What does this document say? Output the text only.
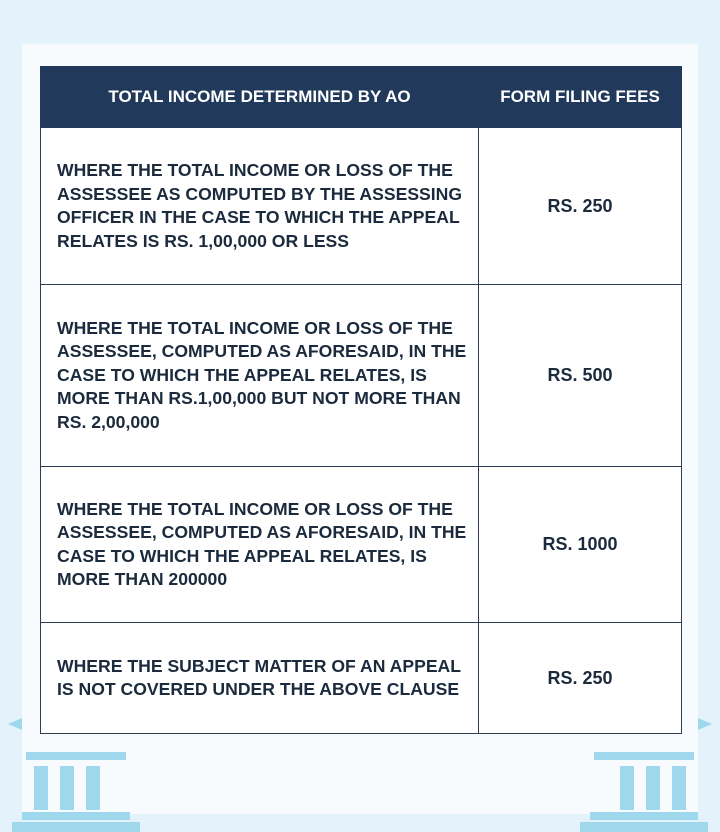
TOTAL INCOME DETERMINED BY AO	FORM FILING FEES
WHERE THE TOTAL INCOME OR LOSS OF THE ASSESSEE AS COMPUTED BY THE ASSESSING OFFICER IN THE CASE TO WHICH THE APPEAL RELATES IS RS. 1,00,000 OR LESS	RS. 250
WHERE THE TOTAL INCOME OR LOSS OF THE ASSESSEE, COMPUTED AS AFORESAID, IN THE CASE TO WHICH THE APPEAL RELATES, IS MORE THAN RS.1,00,000 BUT NOT MORE THAN RS. 2,00,000	RS. 500
WHERE THE TOTAL INCOME OR LOSS OF THE ASSESSEE, COMPUTED AS AFORESAID, IN THE CASE TO WHICH THE APPEAL RELATES, IS MORE THAN 200000	RS. 1000
WHERE THE SUBJECT MATTER OF AN APPEAL IS NOT COVERED UNDER THE ABOVE CLAUSE	RS. 250
